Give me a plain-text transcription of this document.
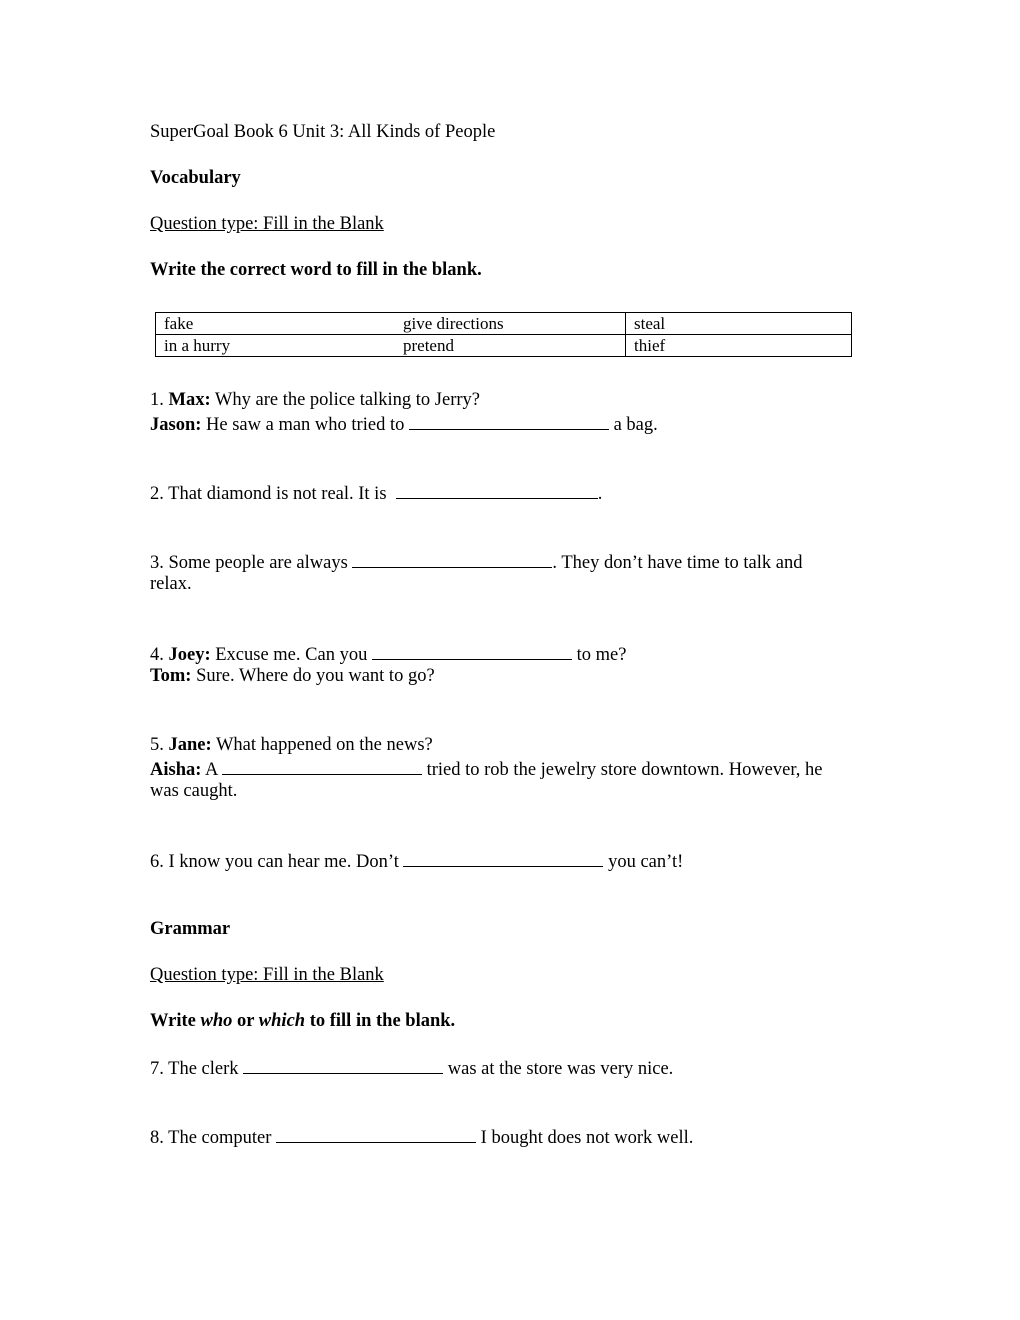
SuperGoal Book 6 Unit 3: All Kinds of People
Vocabulary
Question type: Fill in the Blank
Write the correct word to fill in the blank.
fake	give directions	steal
in a hurry	pretend	thief
1. Max: Why are the police talking to Jerry?
Jason: He saw a man who tried to	a bag.
2. That diamond is not real. It is	.
3. Some people are always	. They don’t have time to talk and
relax.
4. Joey: Excuse me. Can you	to me?
Tom: Sure. Where do you want to go?
5. Jane: What happened on the news?
Aisha: A	tried to rob the jewelry store downtown. However, he
was caught.
6. I know you can hear me. Don’t	you can’t!
Grammar
Question type: Fill in the Blank
Write who or which to fill in the blank.
7. The clerk	was at the store was very nice.
8. The computer	I bought does not work well.
